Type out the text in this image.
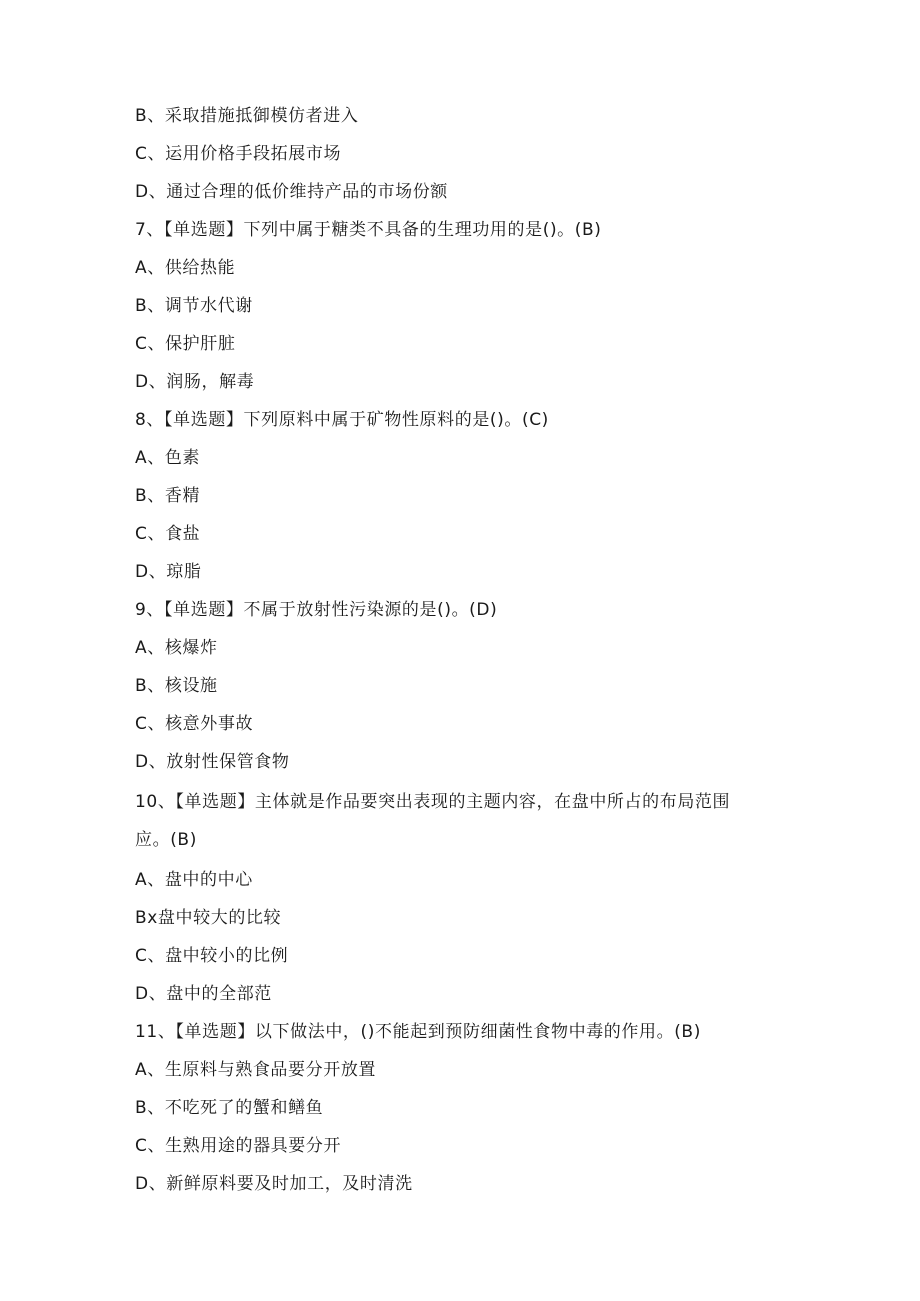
B、采取措施抵御模仿者进入
C、运用价格手段拓展市场
D、通过合理的低价维持产品的市场份额
7、【单选题】下列中属于糖类不具备的生理功用的是()。(B)
A、供给热能
B、调节水代谢
C、保护肝脏
D、润肠，解毒
8、【单选题】下列原料中属于矿物性原料的是()。(C)
A、色素
B、香精
C、食盐
D、琼脂
9、【单选题】不属于放射性污染源的是()。(D)
A、核爆炸
B、核设施
C、核意外事故
D、放射性保管食物
10、【单选题】主体就是作品要突出表现的主题内容，在盘中所占的布局范围
应。(B)
A、盘中的中心
Bx盘中较大的比较
C、盘中较小的比例
D、盘中的全部范
11、【单选题】以下做法中，()不能起到预防细菌性食物中毒的作用。(B)
A、生原料与熟食品要分开放置
B、不吃死了的蟹和鳝鱼
C、生熟用途的器具要分开
D、新鲜原料要及时加工，及时清洗
